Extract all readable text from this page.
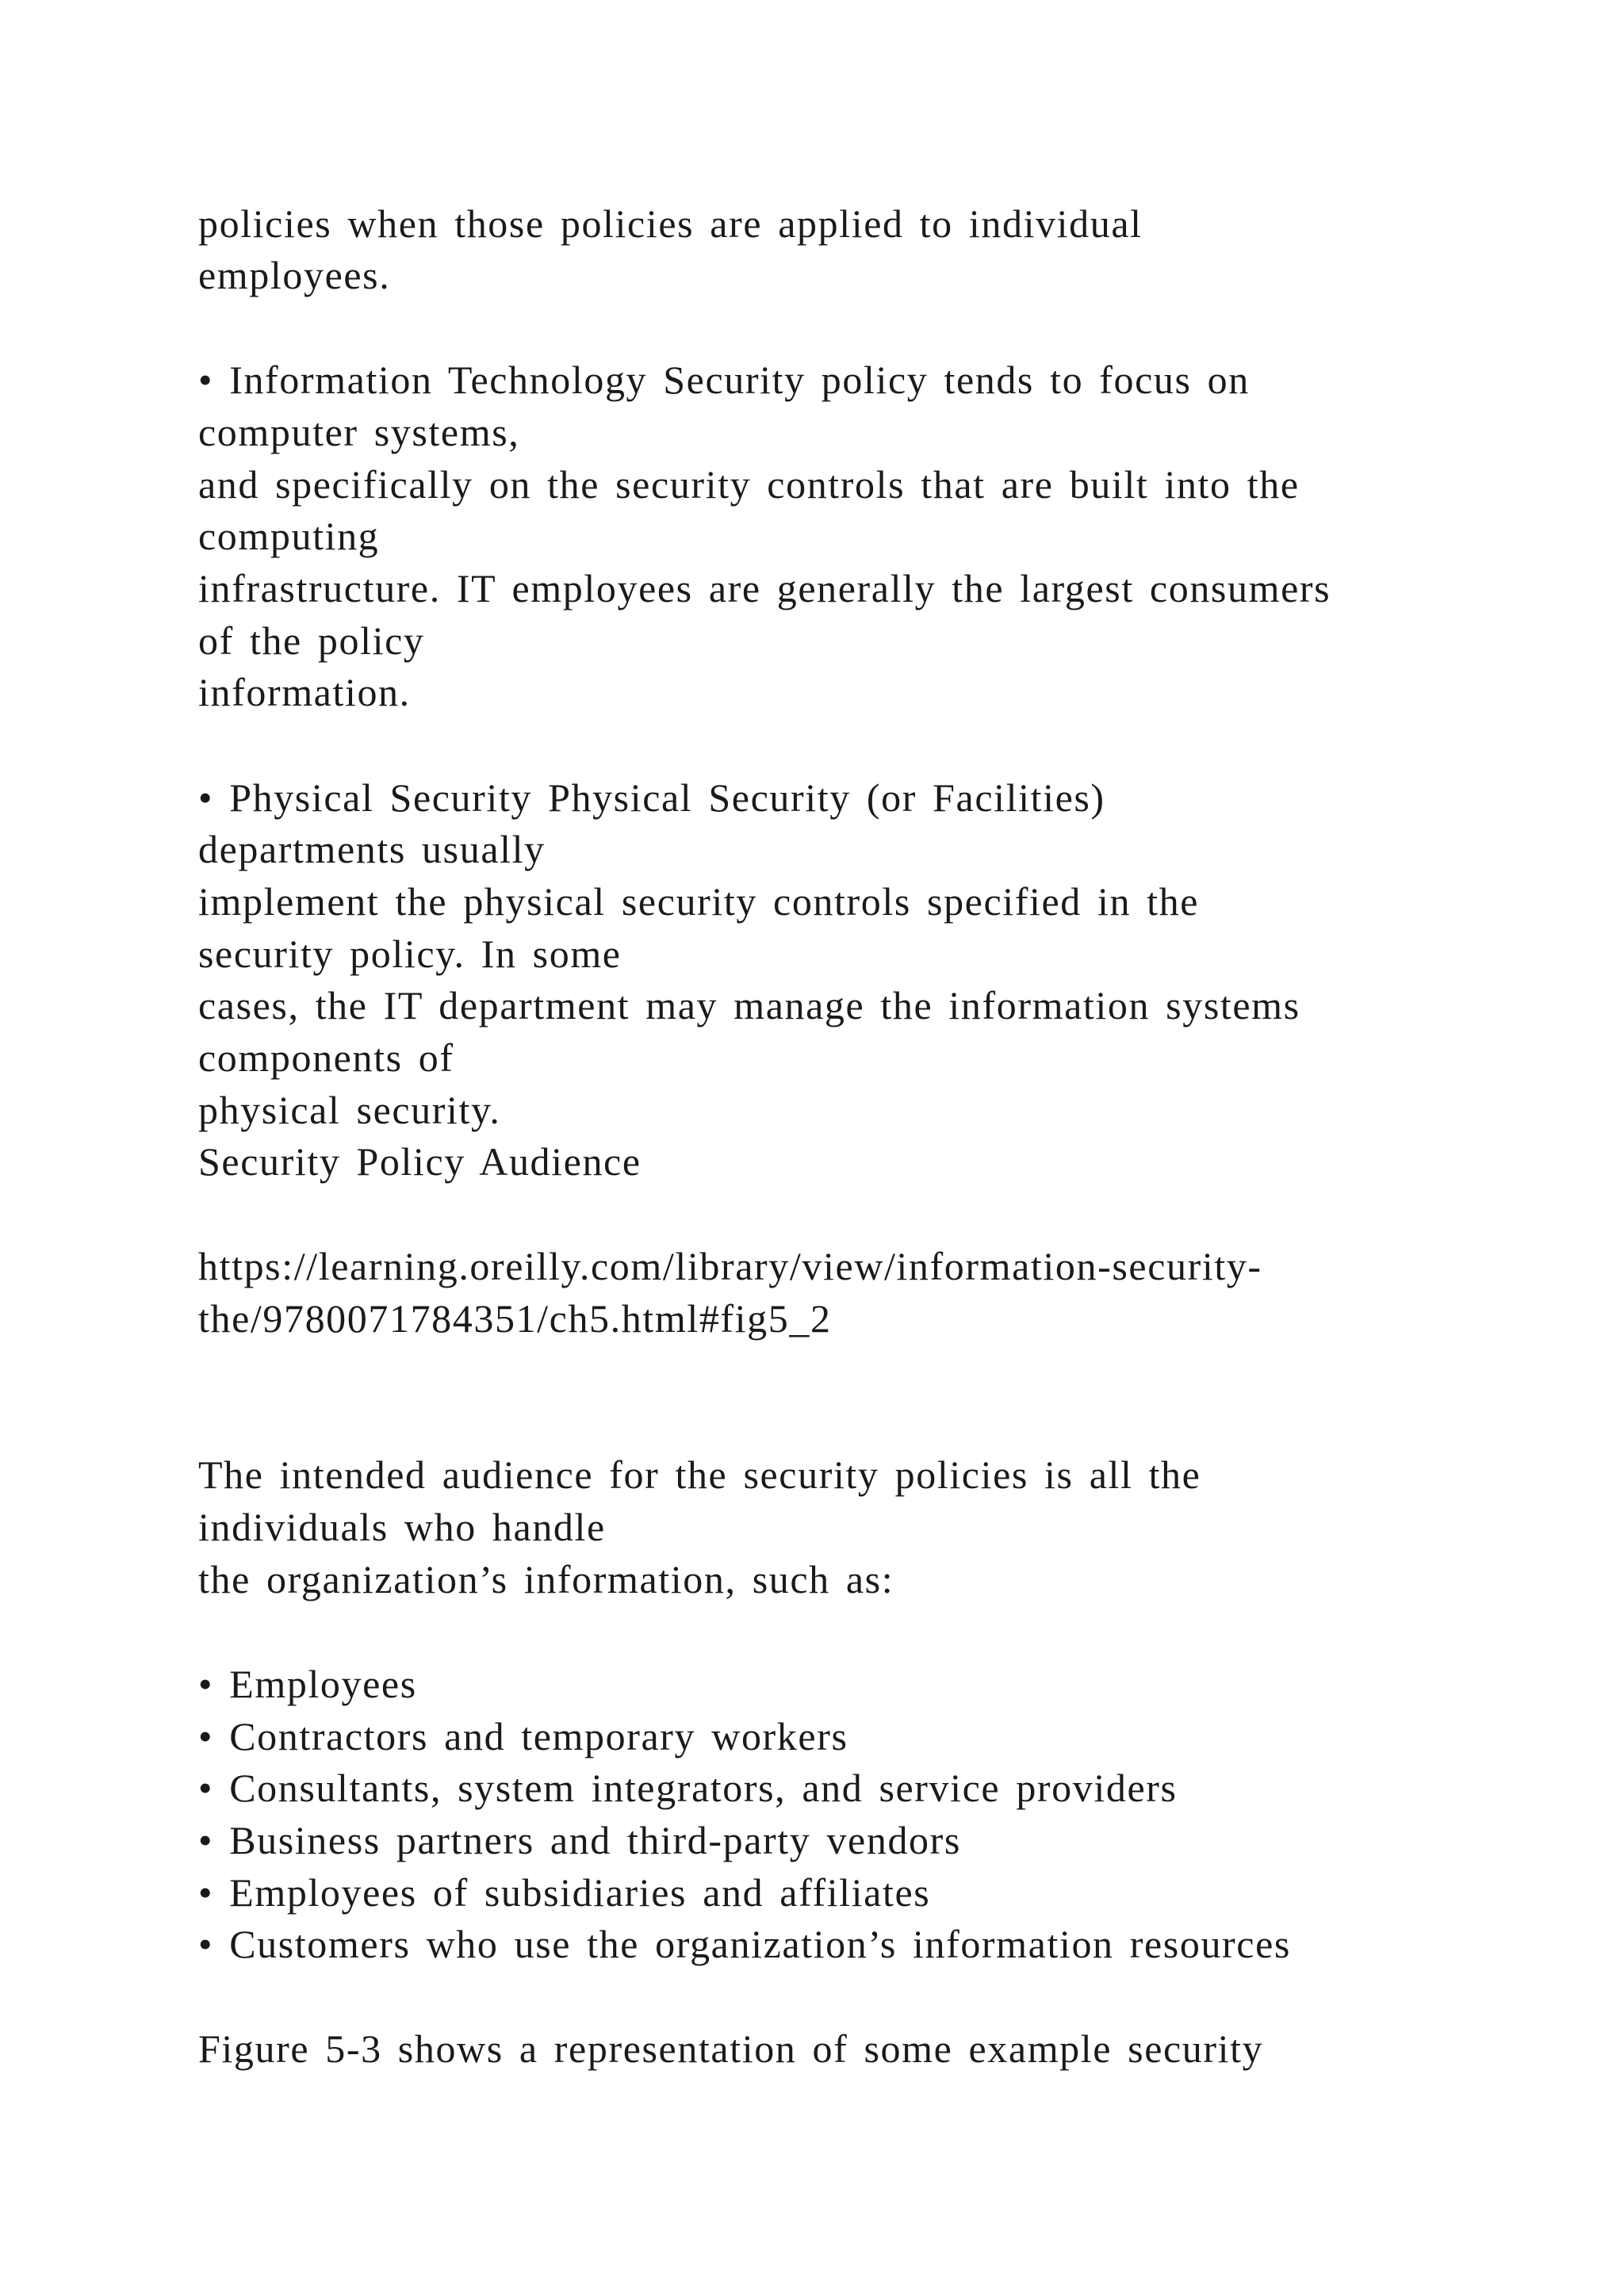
policies when those policies are applied to individual

employees.

• Information Technology Security policy tends to focus on

computer systems,

and specifically on the security controls that are built into the

computing

infrastructure. IT employees are generally the largest consumers

of the policy

information.

• Physical Security Physical Security (or Facilities)

departments usually

implement the physical security controls specified in the

security policy. In some

cases, the IT department may manage the information systems

components of

physical security.

Security Policy Audience

https://learning.oreilly.com/library/view/information-security-

the/9780071784351/ch5.html#fig5_2

The intended audience for the security policies is all the

individuals who handle

the organization’s information, such as:

• Employees

• Contractors and temporary workers

• Consultants, system integrators, and service providers

• Business partners and third-party vendors

• Employees of subsidiaries and affiliates

• Customers who use the organization’s information resources

Figure 5-3 shows a representation of some example security
